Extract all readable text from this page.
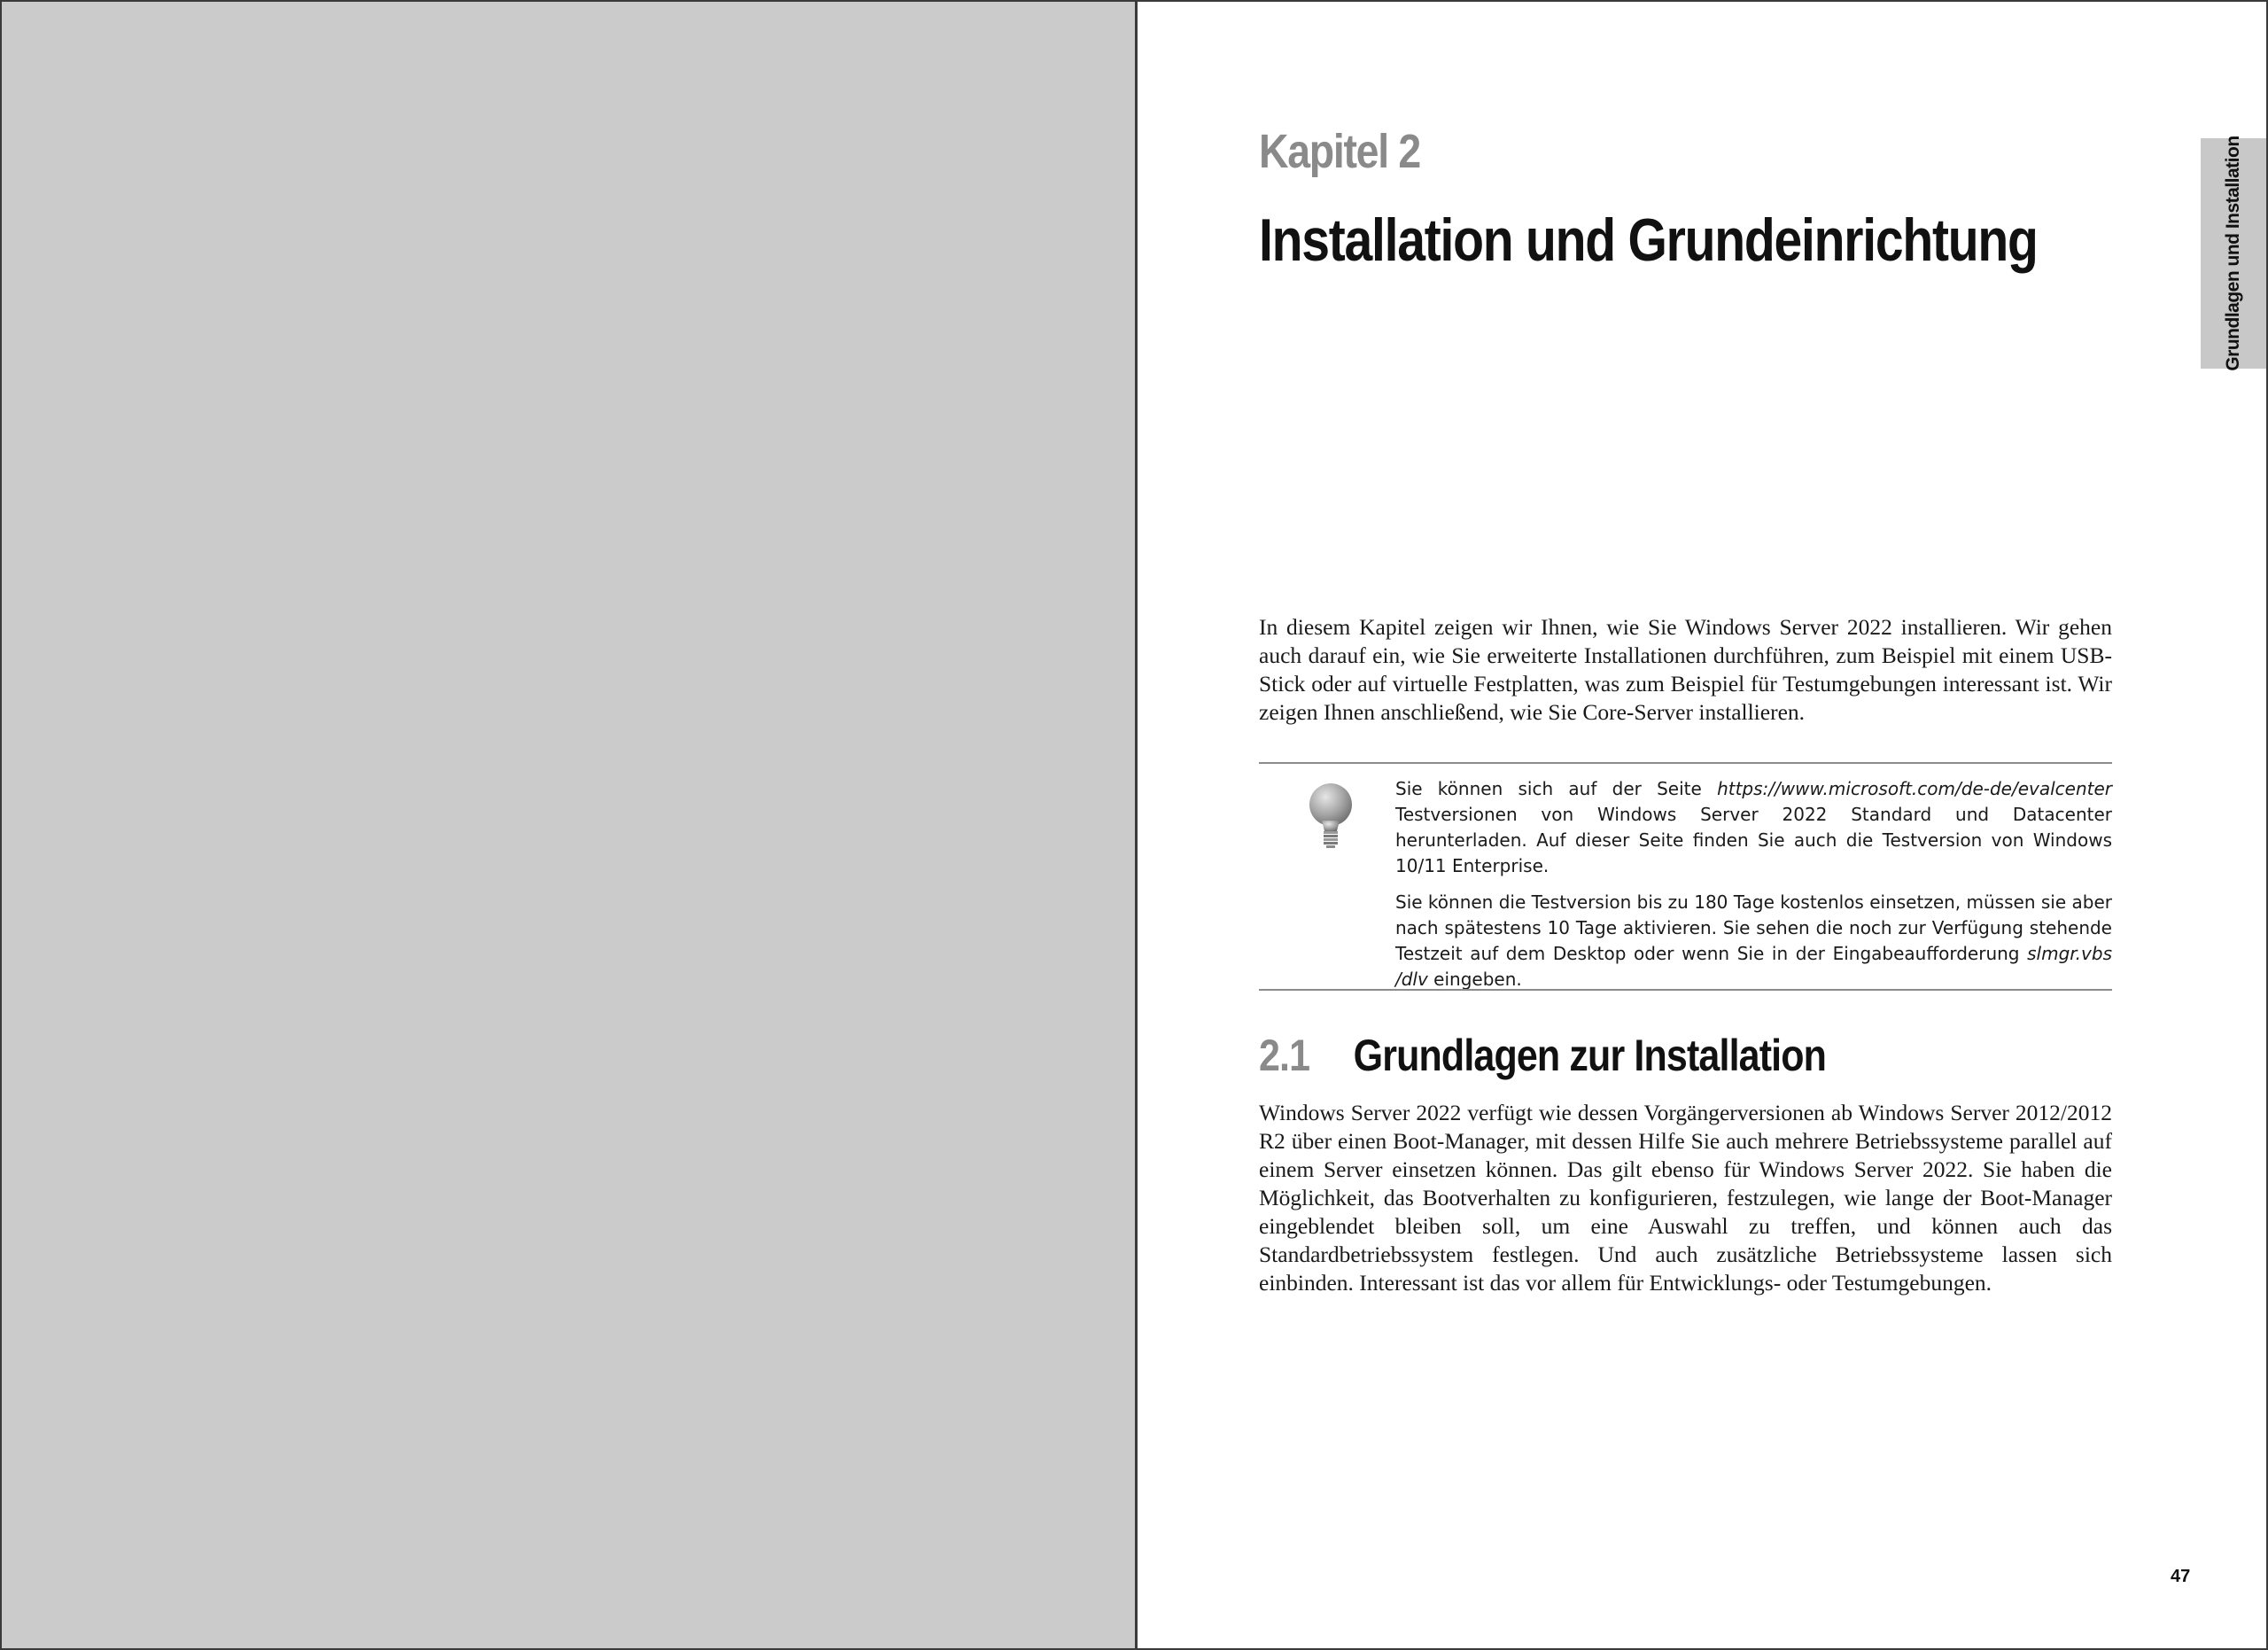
Kapitel 2
Installation und Grundeinrichtung	Grundlagen und Installation

In diesem Kapitel zeigen wir Ihnen, wie Sie Windows Server 2022 installieren. Wir gehen auch darauf ein, wie Sie erweiterte Installationen durchführen, zum Beispiel mit einem USB-Stick oder auf virtuelle Festplatten, was zum Beispiel für Testumgebungen interessant ist. Wir zeigen Ihnen anschließend, wie Sie Core-Server installieren.

Sie können sich auf der Seite https://www.microsoft.com/de-de/evalcenter Testversionen von Windows Server 2022 Standard und Datacenter herunterladen. Auf dieser Seite finden Sie auch die Testversion von Windows 10/11 Enterprise.

Sie können die Testversion bis zu 180 Tage kostenlos einsetzen, müssen sie aber nach spätestens 10 Tage aktivieren. Sie sehen die noch zur Verfügung stehende Testzeit auf dem Desktop oder wenn Sie in der Eingabeaufforderung slmgr.vbs /dlv eingeben.

2.1 Grundlagen zur Installation

Windows Server 2022 verfügt wie dessen Vorgängerversionen ab Windows Server 2012/2012 R2 über einen Boot-Manager, mit dessen Hilfe Sie auch mehrere Betriebssysteme parallel auf einem Server einsetzen können. Das gilt ebenso für Windows Server 2022. Sie haben die Möglichkeit, das Bootverhalten zu konfigurieren, festzulegen, wie lange der Boot-Manager eingeblendet bleiben soll, um eine Auswahl zu treffen, und können auch das Standardbetriebssystem festlegen. Und auch zusätzliche Betriebssysteme lassen sich einbinden. Interessant ist das vor allem für Entwicklungs- oder Testumgebungen.

47
